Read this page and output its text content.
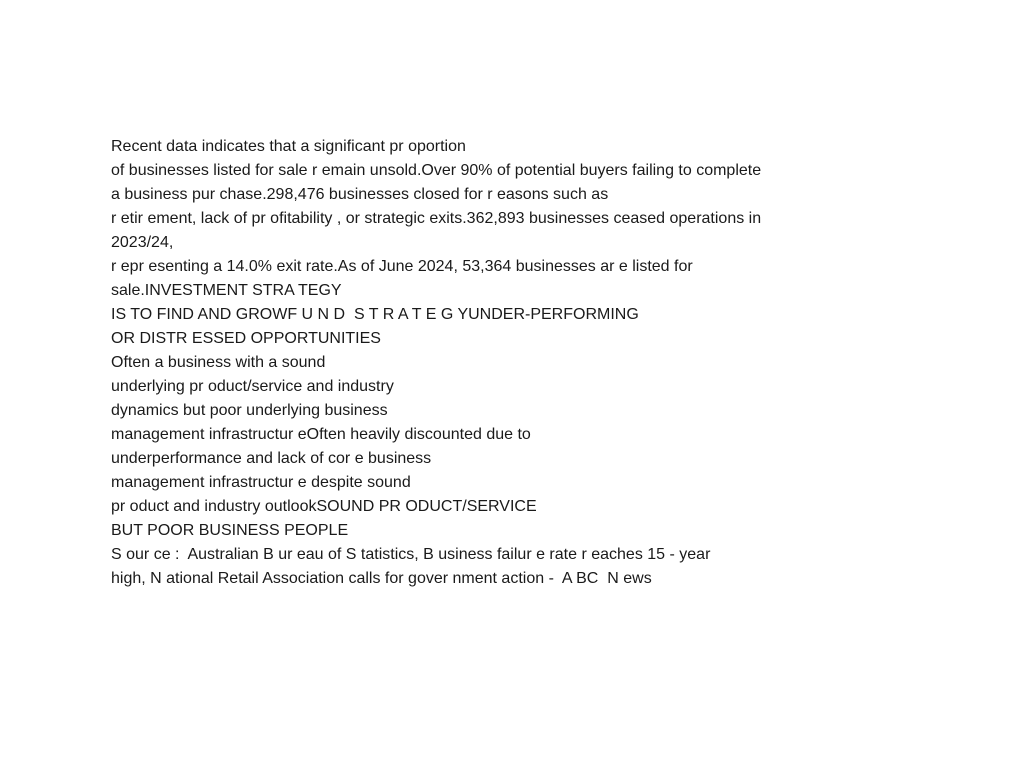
Recent data indicates that a significant pr oportion
of businesses listed for sale r emain unsold.Over 90% of potential buyers failing to complete
a business pur chase.298,476 businesses closed for r easons such as
r etir ement, lack of pr ofitability , or strategic exits.362,893 businesses ceased operations in
2023/24,
r epr esenting a 14.0% exit rate.As of June 2024, 53,364 businesses ar e listed for
sale.INVESTMENT STRA TEGY
IS TO FIND AND GROWF U N D  S T R A T E G YUNDER-PERFORMING
OR DISTR ESSED OPPORTUNITIES
Often a business with a sound
underlying pr oduct/service and industry
dynamics but poor underlying business
management infrastructur eOften heavily discounted due to
underperformance and lack of cor e business
management infrastructur e despite sound
pr oduct and industry outlookSOUND PR ODUCT/SERVICE
BUT POOR BUSINESS PEOPLE
S our ce :  Australian B ur eau of S tatistics, B usiness failur e rate r eaches 15 - year
high, N ational Retail Association calls for gover nment action -  A BC  N ews
